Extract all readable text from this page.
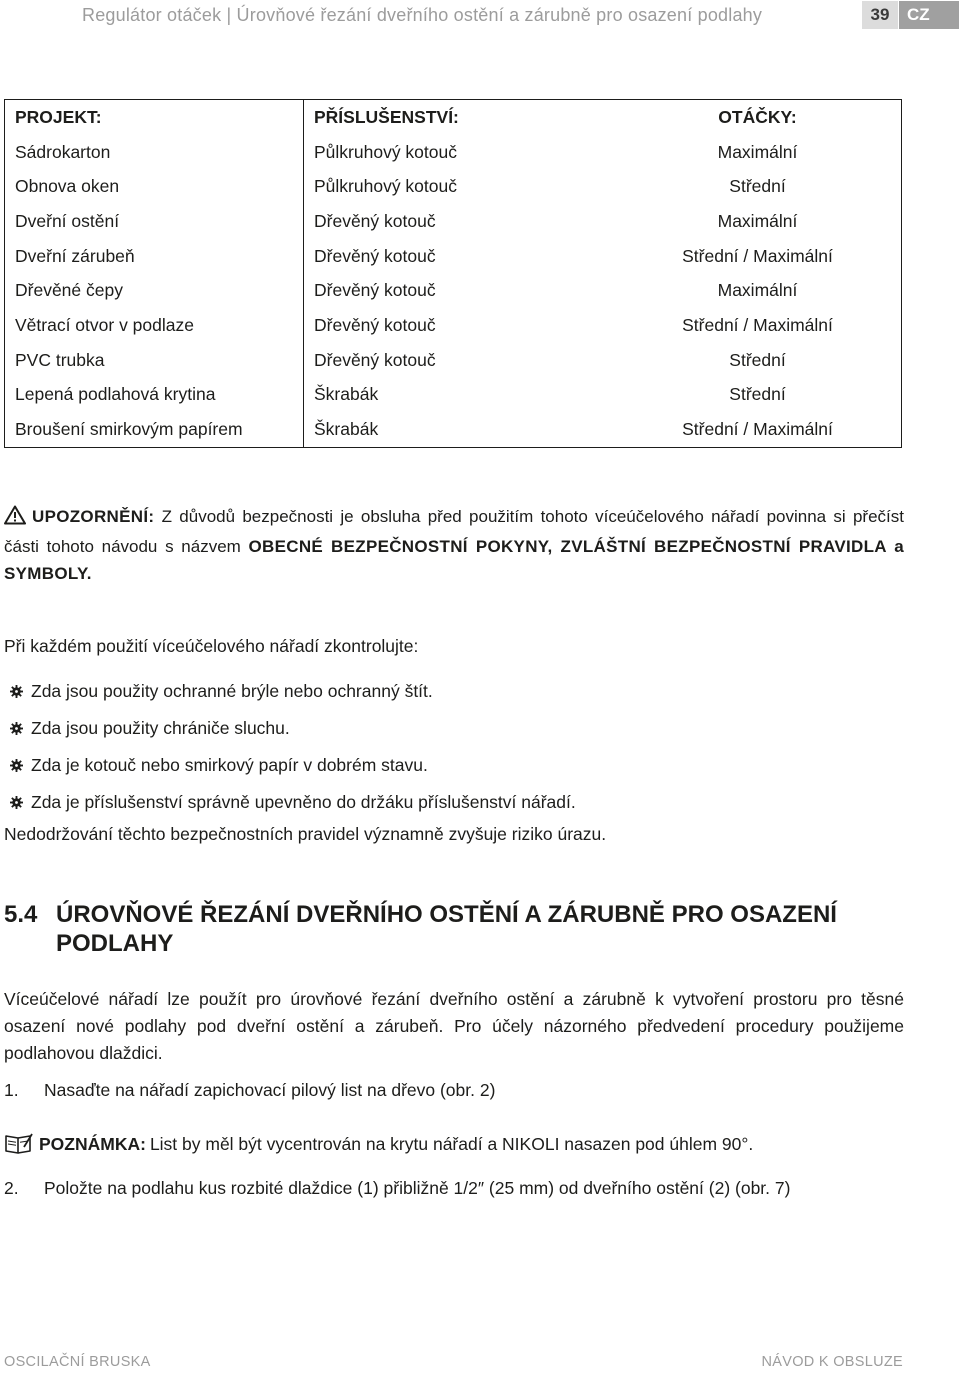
Regulátor otáček | Úrovňové řezání dveřního ostění a zárubně pro osazení podlahy	39	CZ
PROJEKT:	PŘÍSLUŠENSTVÍ:	OTÁČKY:
Sádrokarton	Půlkruhový kotouč	Maximální
Obnova oken	Půlkruhový kotouč	Střední
Dveřní ostění	Dřevěný kotouč	Maximální
Dveřní zárubeň	Dřevěný kotouč	Střední / Maximální
Dřevěné čepy	Dřevěný kotouč	Maximální
Větrací otvor v podlaze	Dřevěný kotouč	Střední / Maximální
PVC trubka	Dřevěný kotouč	Střední
Lepená podlahová krytina	Škrabák	Střední
Broušení smirkovým papírem	Škrabák	Střední / Maximální
UPOZORNĚNÍ: Z důvodů bezpečnosti je obsluha před použitím tohoto víceúčelového nářadí povinna si přečíst části tohoto návodu s názvem OBECNÉ BEZPEČNOSTNÍ POKYNY, ZVLÁŠTNÍ BEZPEČNOSTNÍ PRAVIDLA a SYMBOLY.
Při každém použití víceúčelového nářadí zkontrolujte:
Zda jsou použity ochranné brýle nebo ochranný štít.
Zda jsou použity chrániče sluchu.
Zda je kotouč nebo smirkový papír v dobrém stavu.
Zda je příslušenství správně upevněno do držáku příslušenství nářadí.
Nedodržování těchto bezpečnostních pravidel významně zvyšuje riziko úrazu.
5.4 ÚROVŇOVÉ ŘEZÁNÍ DVEŘNÍHO OSTĚNÍ A ZÁRUBNĚ PRO OSAZENÍ
PODLAHY
Víceúčelové nářadí lze použít pro úrovňové řezání dveřního ostění a zárubně k vytvoření prostoru pro těsné osazení nové podlahy pod dveřní ostění a zárubeň. Pro účely názorného předvedení procedury použijeme podlahovou dlaždici.
1. Nasaďte na nářadí zapichovací pilový list na dřevo (obr. 2)
POZNÁMKA: List by měl být vycentrován na krytu nářadí a NIKOLI nasazen pod úhlem 90°.
2. Položte na podlahu kus rozbité dlaždice (1) přibližně 1/2″ (25 mm) od dveřního ostění (2) (obr. 7)
OSCILAČNÍ BRUSKA	NÁVOD K OBSLUZE
